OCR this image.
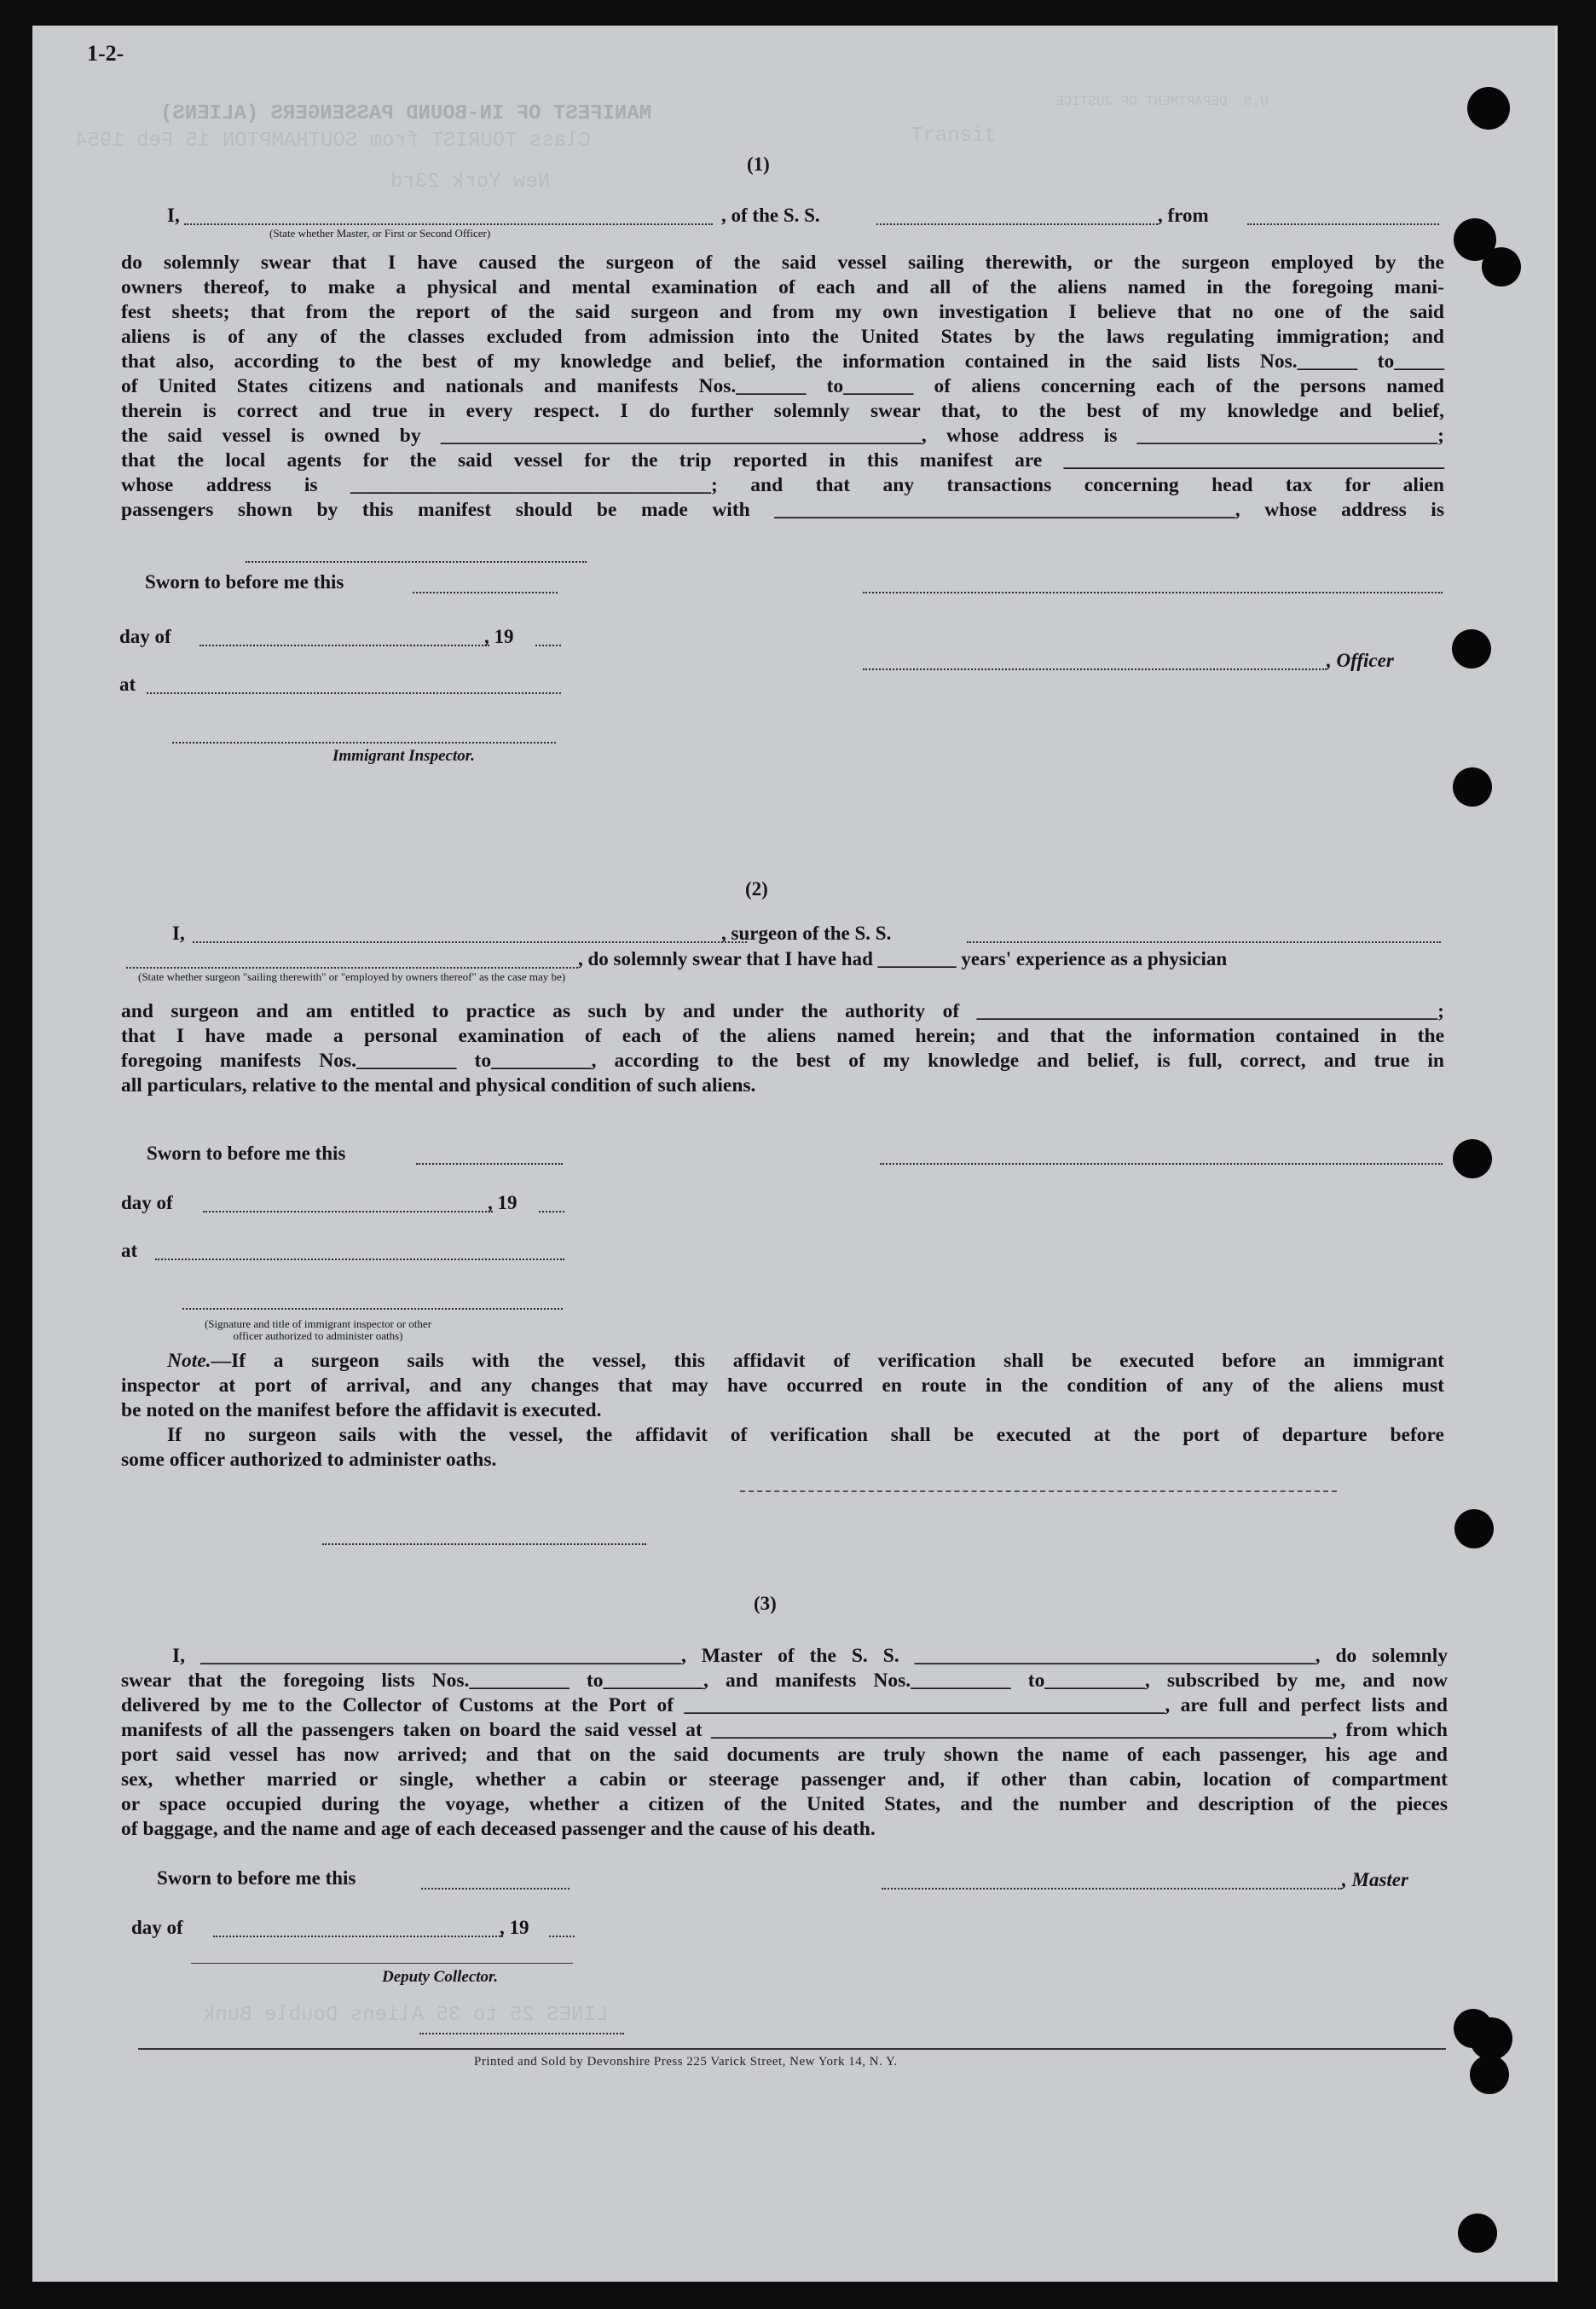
MANIFEST OF IN-BOUND PASSENGERS (ALIENS)
Class TOURIST from SOUTHAMPTON 15 Feb 1954	Transit
New York 23rd
U.S. DEPARTMENT OF JUSTICE
LINES 25 to 35 Aliens Double Bunk
1-2-
(1)
I,	, of the S. S.	, from
(State whether Master, or First or Second Officer)
do solemnly swear that I have caused the surgeon of the said vessel sailing therewith, or the surgeon employed by the
owners thereof, to make a physical and mental examination of each and all of the aliens named in the foregoing mani-
fest sheets; that from the report of the said surgeon and from my own investigation I believe that no one of the said
aliens is of any of the classes excluded from admission into the United States by the laws regulating immigration; and
that also, according to the best of my knowledge and belief, the information contained in the said lists Nos.______ to_____
of United States citizens and nationals and manifests Nos._______ to_______ of aliens concerning each of the persons named
therein is correct and true in every respect. I do further solemnly swear that, to the best of my knowledge and belief,
the said vessel is owned by ________________________________________________, whose address is ______________________________;
that the local agents for the said vessel for the trip reported in this manifest are ______________________________________
whose address is ____________________________________; and that any transactions concerning head tax for alien
passengers shown by this manifest should be made with ______________________________________________, whose address is
Sworn to before me this
day of	, 19
, Officer
at
Immigrant Inspector.
(2)
I,	, surgeon of the S. S.
, do solemnly swear that I have had ________ years' experience as a physician
(State whether surgeon "sailing therewith" or "employed by owners thereof" as the case may be)
and surgeon and am entitled to practice as such by and under the authority of ______________________________________________;
that I have made a personal examination of each of the aliens named herein; and that the information contained in the
foregoing manifests Nos.__________ to__________, according to the best of my knowledge and belief, is full, correct, and true in
all particulars, relative to the mental and physical condition of such aliens.
Sworn to before me this
day of	, 19
at
(Signature and title of immigrant inspector or other officer authorized to administer oaths)
Note.—If a surgeon sails with the vessel, this affidavit of verification shall be executed before an immigrant
inspector at port of arrival, and any changes that may have occurred en route in the condition of any of the aliens must
be noted on the manifest before the affidavit is executed.
If no surgeon sails with the vessel, the affidavit of verification shall be executed at the port of departure before
some officer authorized to administer oaths.
(3)
I, ________________________________________________, Master of the S. S. ________________________________________, do solemnly
swear that the foregoing lists Nos.__________ to__________, and manifests Nos.__________ to__________, subscribed by me, and now
delivered by me to the Collector of Customs at the Port of ________________________________________________, are full and perfect lists and
manifests of all the passengers taken on board the said vessel at ______________________________________________________________, from which
port said vessel has now arrived; and that on the said documents are truly shown the name of each passenger, his age and
sex, whether married or single, whether a cabin or steerage passenger and, if other than cabin, location of compartment
or space occupied during the voyage, whether a citizen of the United States, and the number and description of the pieces
of baggage, and the name and age of each deceased passenger and the cause of his death.
Sworn to before me this	, Master
day of	, 19
Deputy Collector.
Printed and Sold by Devonshire Press 225 Varick Street, New York 14, N. Y.
